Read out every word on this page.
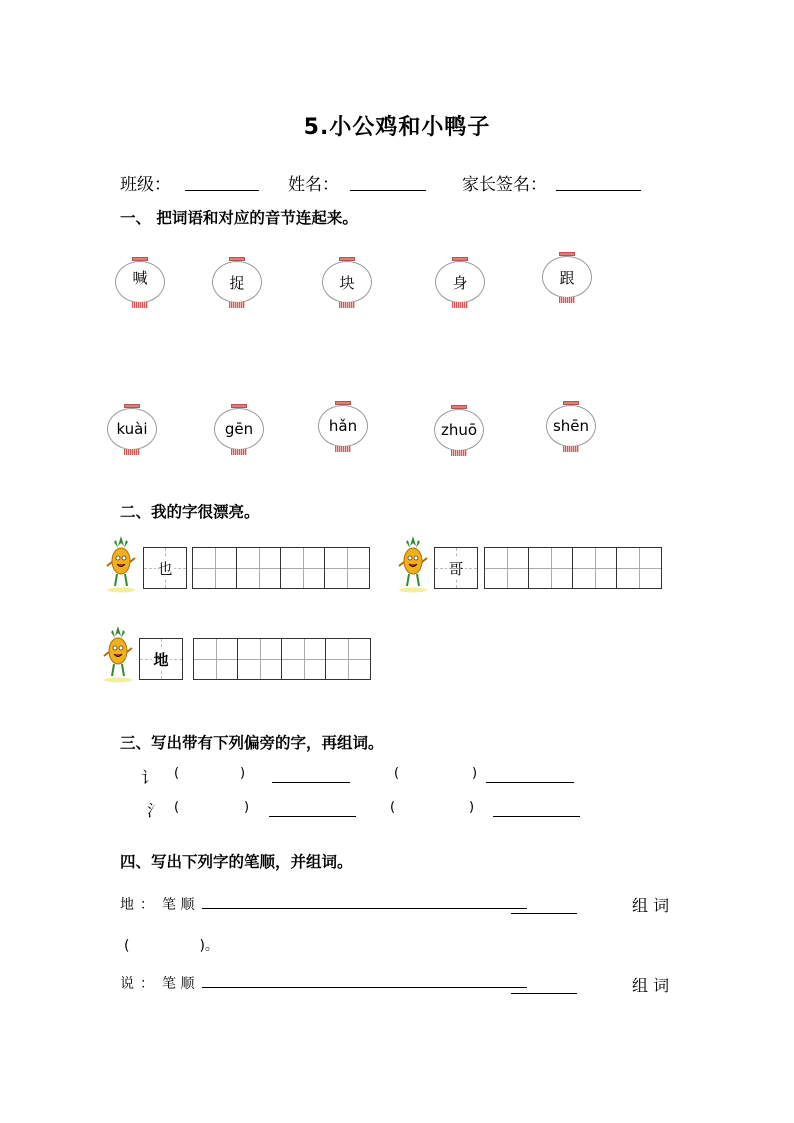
5.小公鸡和小鸭子
班级：	姓名：	家长签名：
一、 把词语和对应的音节连起来。
喊	捉	块	身	跟
kuài	gēn	hǎn	zhuō	shēn
二、我的字很漂亮。
也	哥
地
三、写出带有下列偏旁的字，再组词。
讠 (	)	(	)
氵 (	)	(	)
四、写出下列字的笔顺，并组词。
地 ： 笔 顺	组 词
(　　　　　)。
说 ： 笔 顺	组 词
